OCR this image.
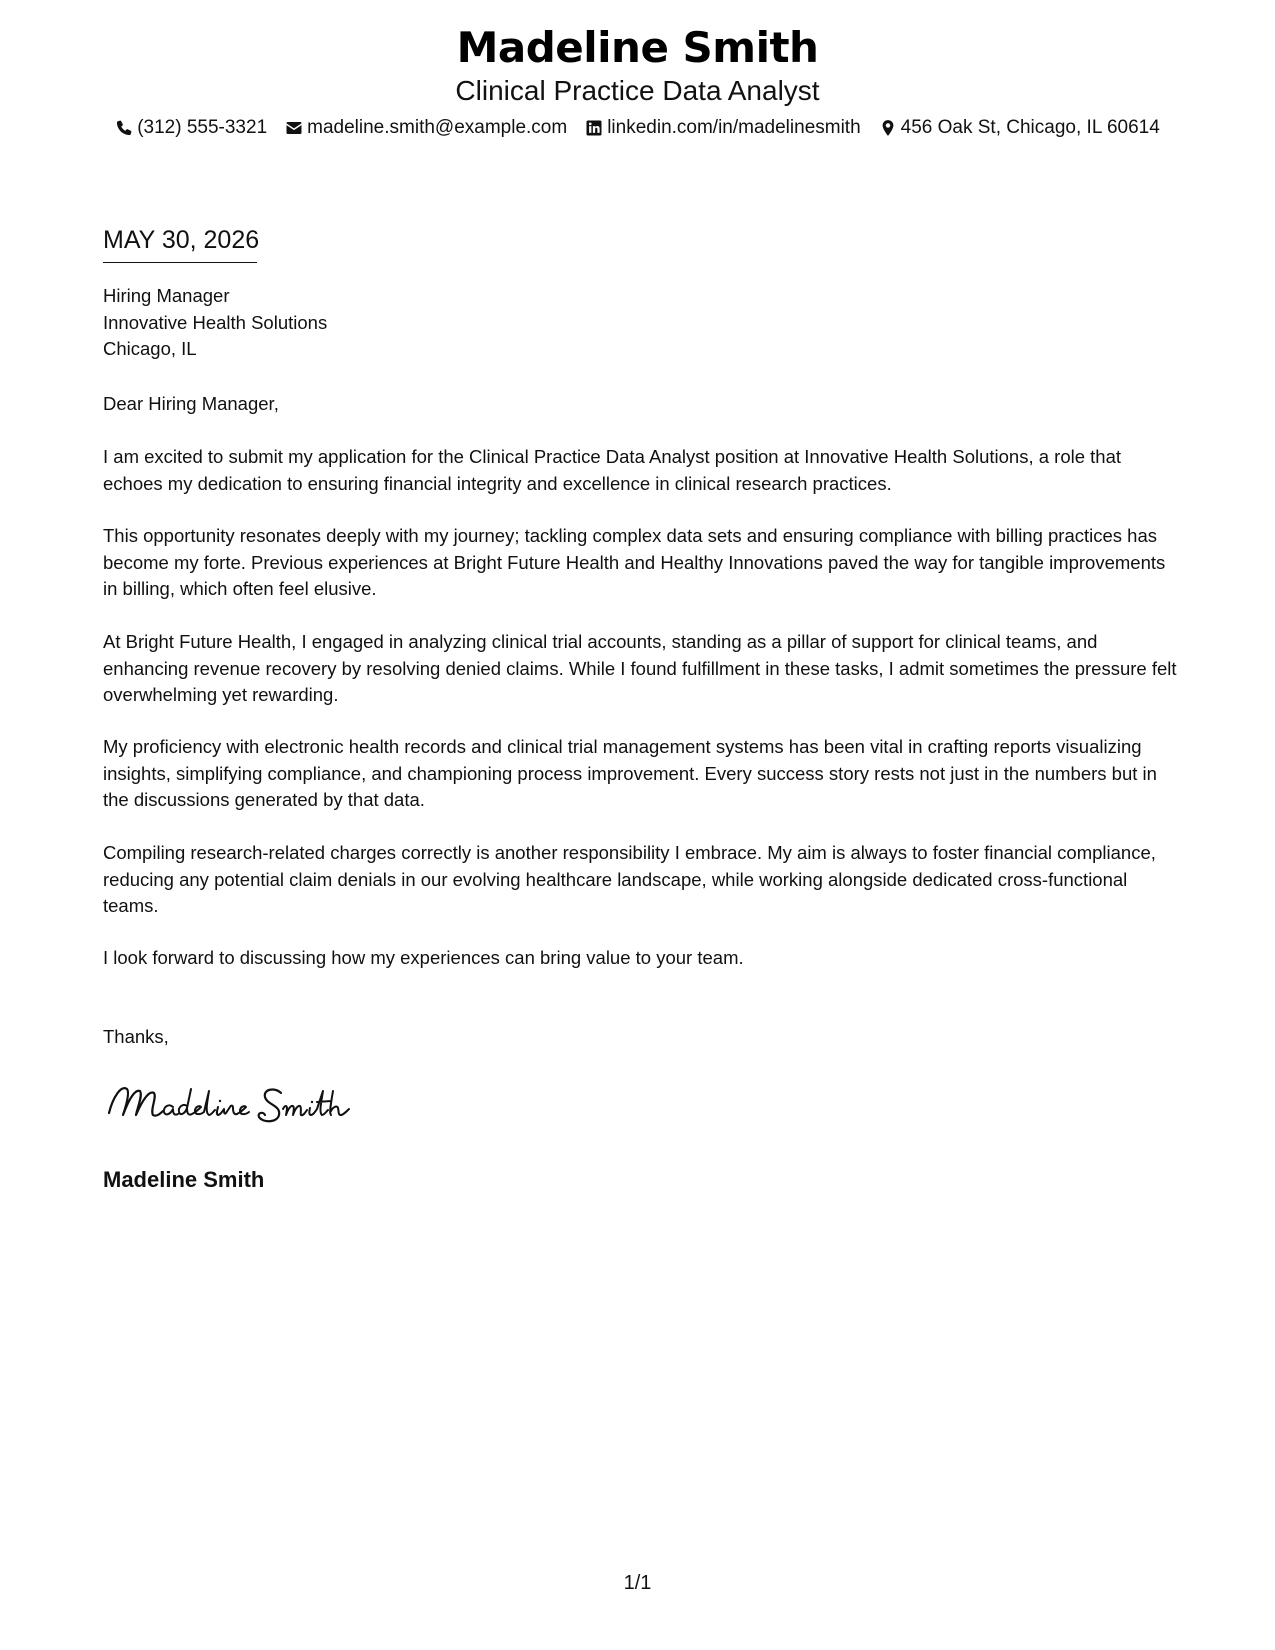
Madeline Smith
Clinical Practice Data Analyst
(312) 555-3321 madeline.smith@example.com linkedin.com/in/madelinesmith 456 Oak St, Chicago, IL 60614
MAY 30, 2026
Hiring Manager
Innovative Health Solutions
Chicago, IL
Dear Hiring Manager,
I am excited to submit my application for the Clinical Practice Data Analyst position at Innovative Health Solutions, a role that echoes my dedication to ensuring financial integrity and excellence in clinical research practices.
This opportunity resonates deeply with my journey; tackling complex data sets and ensuring compliance with billing practices has become my forte. Previous experiences at Bright Future Health and Healthy Innovations paved the way for tangible improvements in billing, which often feel elusive.
At Bright Future Health, I engaged in analyzing clinical trial accounts, standing as a pillar of support for clinical teams, and enhancing revenue recovery by resolving denied claims. While I found fulfillment in these tasks, I admit sometimes the pressure felt overwhelming yet rewarding.
My proficiency with electronic health records and clinical trial management systems has been vital in crafting reports visualizing insights, simplifying compliance, and championing process improvement. Every success story rests not just in the numbers but in the discussions generated by that data.
Compiling research-related charges correctly is another responsibility I embrace. My aim is always to foster financial compliance, reducing any potential claim denials in our evolving healthcare landscape, while working alongside dedicated cross-functional teams.
I look forward to discussing how my experiences can bring value to your team.
Thanks,
Madeline Smith
1/1
